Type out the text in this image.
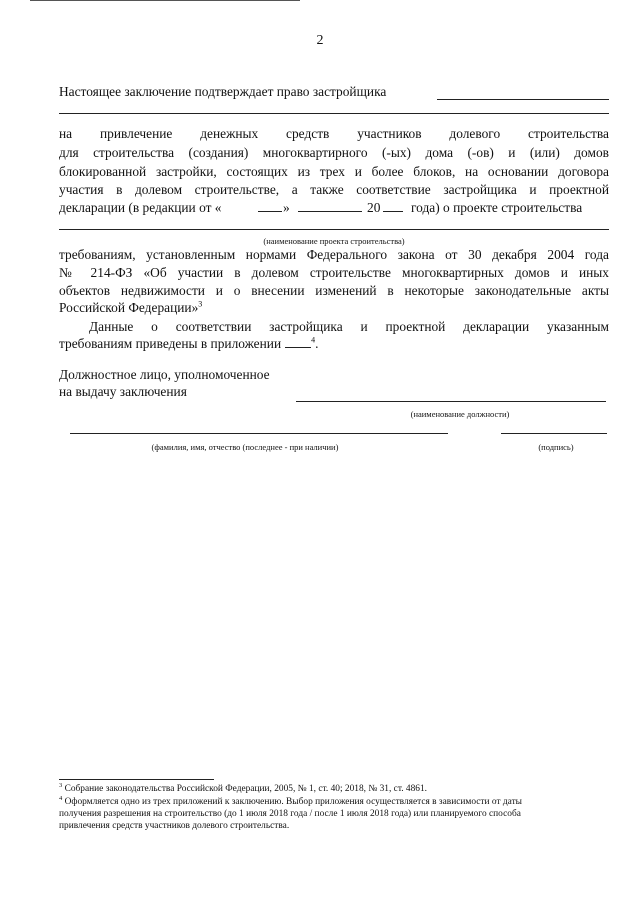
2
Настоящее заключение подтверждает право застройщика
на привлечение денежных средств участников долевого строительства
для строительства (создания) многоквартирного (-ых) дома (-ов) и (или) домов
блокированной застройки, состоящих из трех и более блоков, на основании договора
участия в долевом строительстве, а также соответствие застройщика и проектной
декларации (в редакции от «	»	20 года) о проекте строительства
(наименование проекта строительства)
требованиям, установленным нормами Федерального закона от 30 декабря 2004 года
№ 214-ФЗ «Об участии в долевом строительстве многоквартирных домов и иных
объектов недвижимости и о внесении изменений в некоторые законодательные акты
Российской Федерации»$^3$
Данные о соответствии застройщика и проектной декларации указанным
требованиям приведены в приложении	$^4$.
Должностное лицо, уполномоченное
на выдачу заключения
(наименование должности)
(фамилия, имя, отчество (последнее - при наличии)	(подпись)
$^3$ Собрание законодательства Российской Федерации, 2005, № 1, ст. 40; 2018, № 31, ст. 4861.
$^4$ Оформляется одно из трех приложений к заключению. Выбор приложения осуществляется в зависимости от даты
получения разрешения на строительство (до 1 июля 2018 года / после 1 июля 2018 года) или планируемого способа
привлечения средств участников долевого строительства.
